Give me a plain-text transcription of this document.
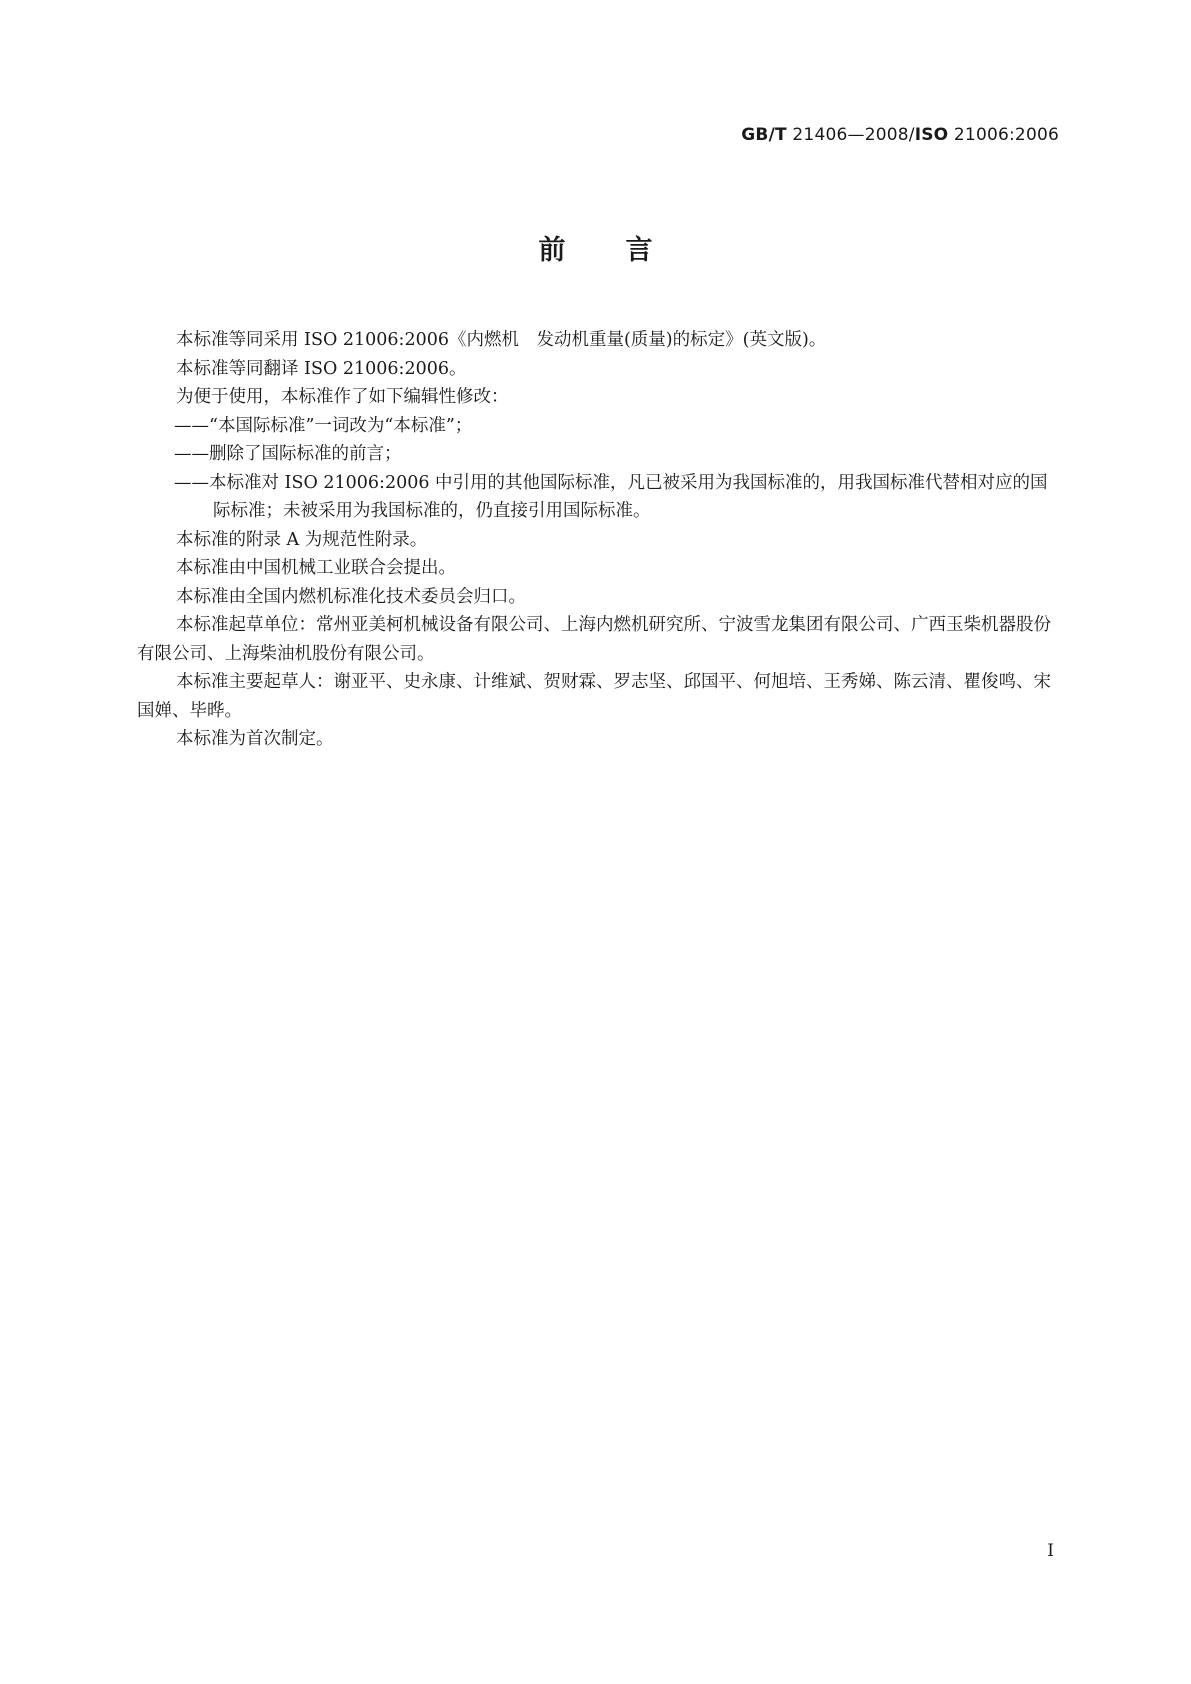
GB/T 21406—2008/ISO 21006:2006
前言

本标准等同采用 ISO 21006:2006《内燃机　发动机重量(质量)的标定》(英文版)。

本标准等同翻译 ISO 21006:2006。

为便于使用，本标准作了如下编辑性修改：

——“本国际标准”一词改为“本标准”；

——删除了国际标准的前言；

——本标准对 ISO 21006:2006 中引用的其他国际标准，凡已被采用为我国标准的，用我国标准代替相对应的国际标准；未被采用为我国标准的，仍直接引用国际标准。

本标准的附录 A 为规范性附录。

本标准由中国机械工业联合会提出。

本标准由全国内燃机标准化技术委员会归口。

本标准起草单位：常州亚美柯机械设备有限公司、上海内燃机研究所、宁波雪龙集团有限公司、广西玉柴机器股份有限公司、上海柴油机股份有限公司。

本标准主要起草人：谢亚平、史永康、计维斌、贺财霖、罗志坚、邱国平、何旭培、王秀娣、陈云清、瞿俊鸣、宋国婵、毕晔。

本标准为首次制定。

I
